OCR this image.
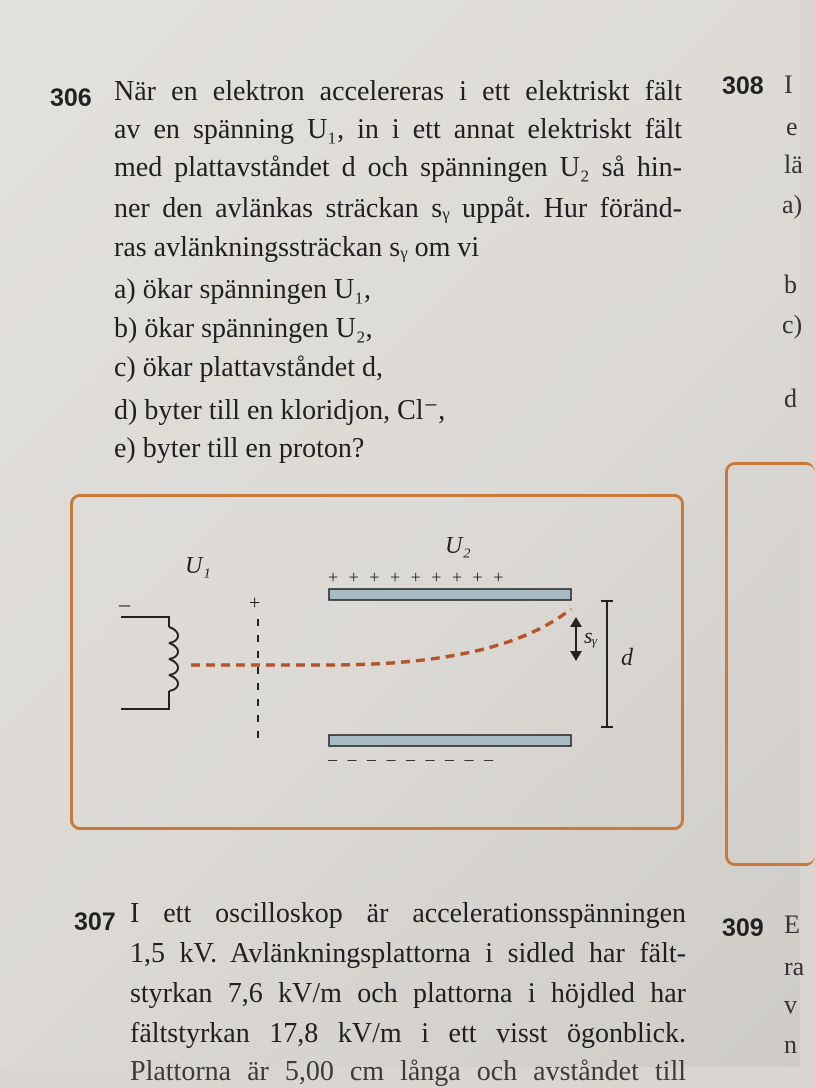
306 När en elektron accelereras i ett elektriskt fält
av en spänning U₁, in i ett annat elektriskt fält
med plattavståndet d och spänningen U₂ så hin-
ner den avlänkas sträckan sᵧ uppåt. Hur föränd-
ras avlänkningssträckan sᵧ om vi
a) ökar spänningen U₁,
b) ökar spänningen U₂,
c) ökar plattavståndet d,
d) byter till en kloridjon, Cl⁻,
e) byter till en proton?
308 I
e
lä
a)
b
c)
d
U₁
–	+
U₂
+ + + + + + + + +
– – – – – – – – –
sᵧ
d
307 I ett oscilloskop är accelerationsspänningen
1,5 kV. Avlänkningsplattorna i sidled har fält-
styrkan 7,6 kV/m och plattorna i höjdled har
fältstyrkan 17,8 kV/m i ett visst ögonblick.
Plattorna är 5,00 cm långa och avståndet till
309 E
ra
v
n
